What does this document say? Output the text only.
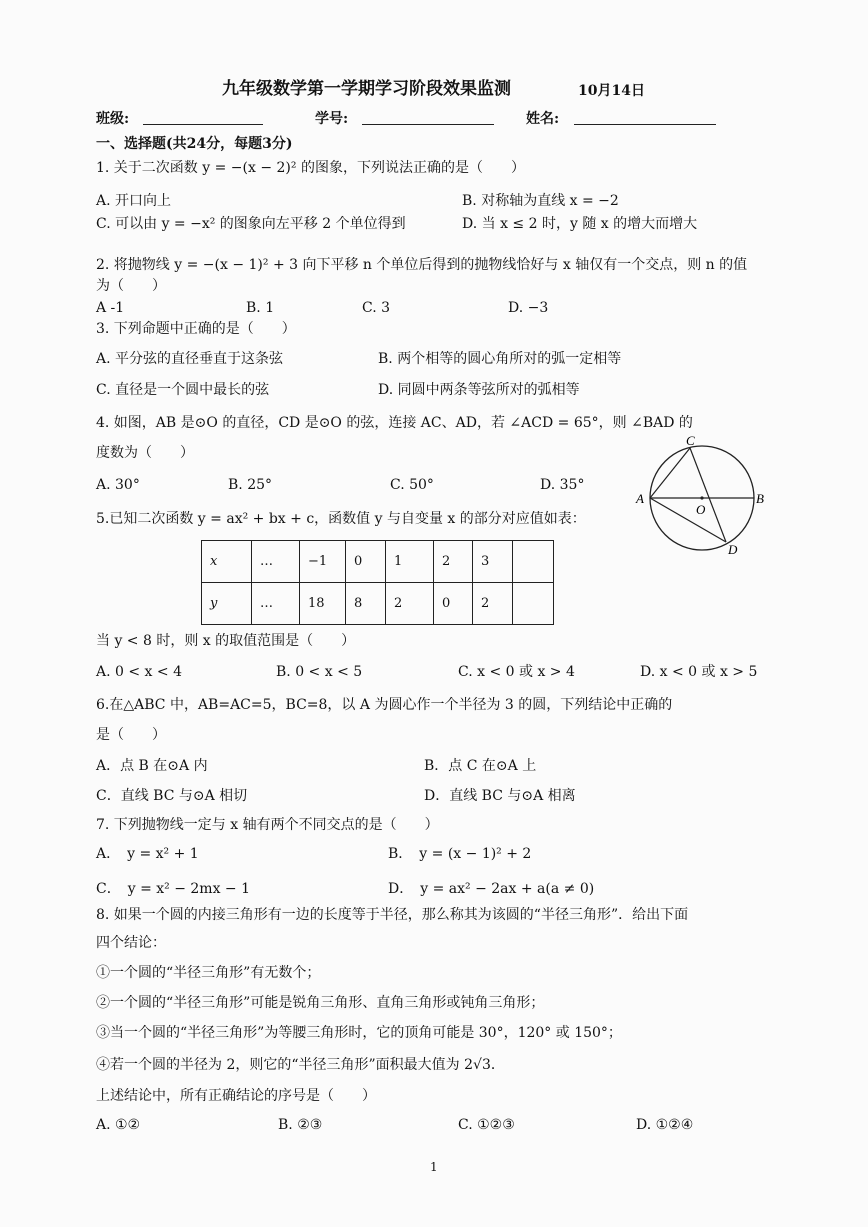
九年级数学第一学期学习阶段效果监测	10月14日
班级:	学号:	姓名:
一、选择题(共24分，每题3分)
1. 关于二次函数 y = −(x − 2)² 的图象，下列说法正确的是（　　）
A. 开口向上	B. 对称轴为直线 x = −2
C. 可以由 y = −x² 的图象向左平移 2 个单位得到	D. 当 x ≤ 2 时，y 随 x 的增大而增大
2. 将抛物线 y = −(x − 1)² + 3 向下平移 n 个单位后得到的抛物线恰好与 x 轴仅有一个交点，则 n 的值
为（　　）
A -1	B. 1	C. 3	D. −3
3. 下列命题中正确的是（　　）
A. 平分弦的直径垂直于这条弦	B. 两个相等的圆心角所对的弧一定相等
C. 直径是一个圆中最长的弦	D. 同圆中两条等弦所对的弧相等
4. 如图，AB 是⊙O 的直径，CD 是⊙O 的弦，连接 AC、AD，若 ∠ACD = 65°，则 ∠BAD 的
度数为（　　）
A. 30°	B. 25°	C. 50°	D. 35°
C
A	B
O
D
5.已知二次函数 y = ax² + bx + c，函数值 y 与自变量 x 的部分对应值如表：
x	…	−1	0	1	2	3	
y	…	18	8	2	0	2	
当 y < 8 时，则 x 的取值范围是（　　）
A. 0 < x < 4	B. 0 < x < 5	C. x < 0 或 x > 4	D. x < 0 或 x > 5
6.在△ABC 中，AB=AC=5，BC=8，以 A 为圆心作一个半径为 3 的圆，下列结论中正确的
是（　　）
A．点 B 在⊙A 内	B．点 C 在⊙A 上
C．直线 BC 与⊙A 相切	D．直线 BC 与⊙A 相离
7. 下列抛物线一定与 x 轴有两个不同交点的是（　　）
A．　y = x² + 1	B．　y = (x − 1)² + 2
C．　y = x² − 2mx − 1	D．　y = ax² − 2ax + a(a ≠ 0)
8. 如果一个圆的内接三角形有一边的长度等于半径，那么称其为该圆的“半径三角形”．给出下面
四个结论：
①一个圆的“半径三角形”有无数个；
②一个圆的“半径三角形”可能是锐角三角形、直角三角形或钝角三角形；
③当一个圆的“半径三角形”为等腰三角形时，它的顶角可能是 30°，120° 或 150°；
④若一个圆的半径为 2，则它的“半径三角形”面积最大值为 2√3．
上述结论中，所有正确结论的序号是（　　）
A. ①②	B. ②③	C. ①②③	D. ①②④
1
